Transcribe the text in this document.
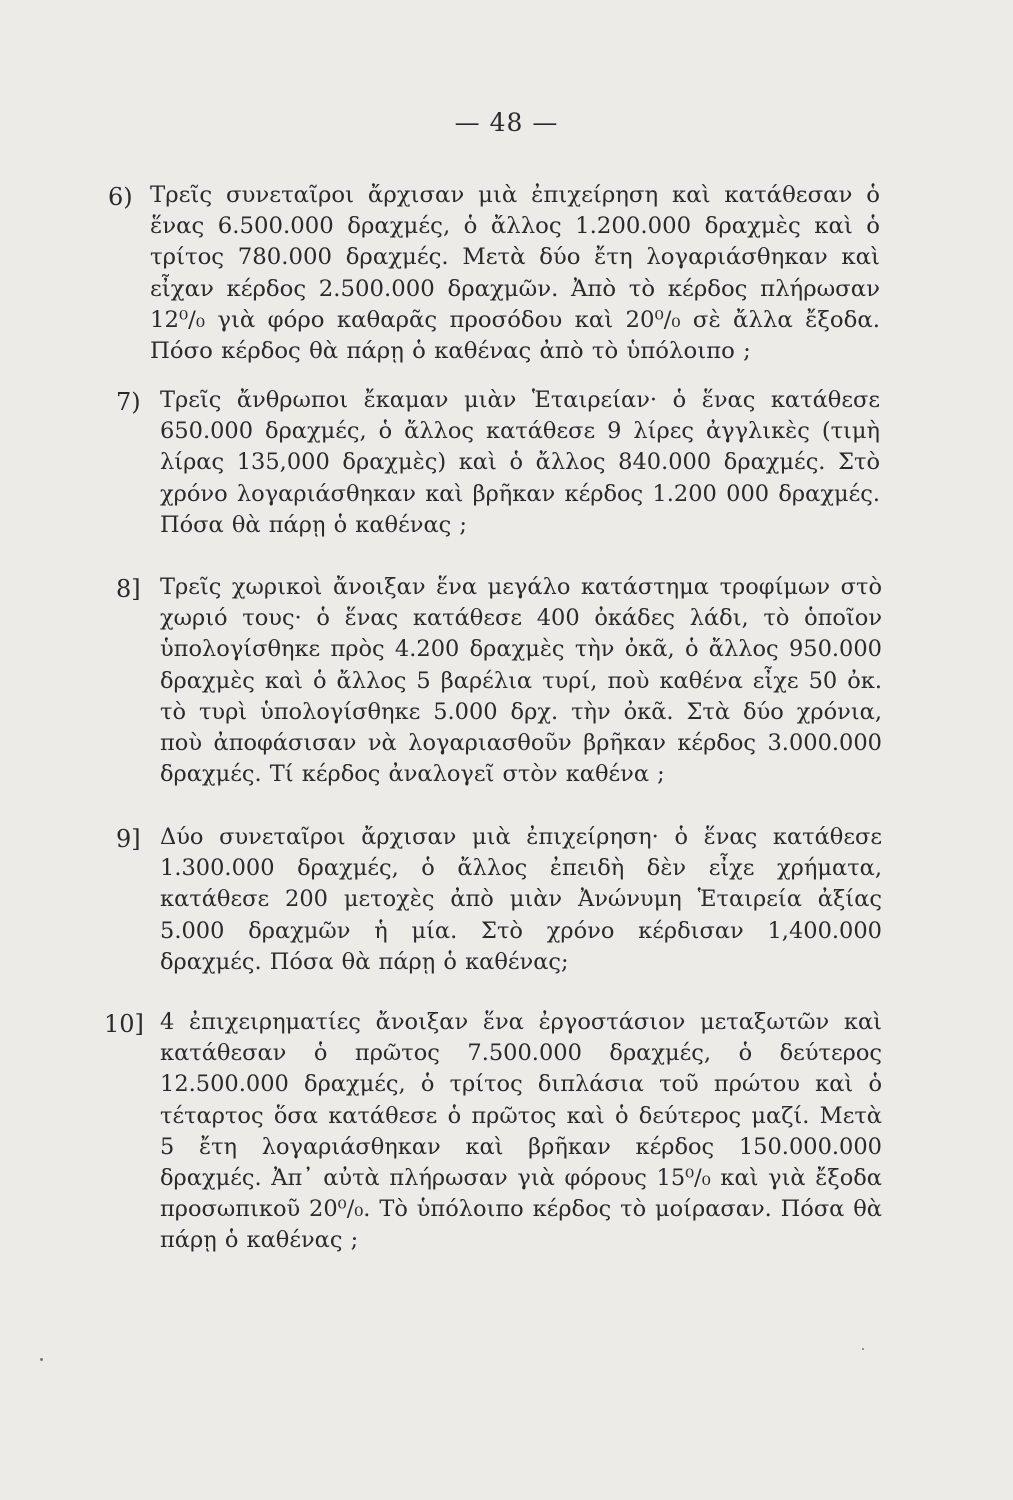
— 48 —
6) Τρεῖς συνεταῖροι ἄρχισαν μιὰ ἐπιχείρηση καὶ κατάθεσαν ὁ ἕνας 6.500.000 δραχμές, ὁ ἄλλος 1.200.000 δραχμὲς καὶ ὁ τρίτος 780.000 δραχμές. Μετὰ δύο ἔτη λογαριάσθηκαν καὶ εἶχαν κέρδος 2.500.000 δραχμῶν. Ἀπὸ τὸ κέρδος πλήρωσαν 12⁰/₀ γιὰ φόρο καθαρᾶς προσόδου καὶ 20⁰/₀ σὲ ἄλλα ἔξοδα. Πόσο κέρδος θὰ πάρῃ ὁ καθένας ἀπὸ τὸ ὑπόλοιπο ;
7) Τρεῖς ἄνθρωποι ἔκαμαν μιὰν Ἑταιρείαν· ὁ ἕνας κατάθεσε 650.000 δραχμές, ὁ ἄλλος κατάθεσε 9 λίρες ἀγγλικὲς (τιμὴ λίρας 135,000 δραχμὲς) καὶ ὁ ἄλλος 840.000 δραχμές. Στὸ χρόνο λογαριάσθηκαν καὶ βρῆκαν κέρδος 1.200 000 δραχμές. Πόσα θὰ πάρῃ ὁ καθένας ;
8] Τρεῖς χωρικοὶ ἄνοιξαν ἕνα μεγάλο κατάστημα τροφίμων στὸ χωριό τους· ὁ ἕνας κατάθεσε 400 ὀκάδες λάδι, τὸ ὁποῖον ὑπολογίσθηκε πρὸς 4.200 δραχμὲς τὴν ὀκᾶ, ὁ ἄλλος 950.000 δραχμὲς καὶ ὁ ἄλλος 5 βαρέλια τυρί, ποὺ καθένα εἶχε 50 ὀκ. τὸ τυρὶ ὑπολογίσθηκε 5.000 δρχ. τὴν ὀκᾶ. Στὰ δύο χρόνια, ποὺ ἀποφάσισαν νὰ λογαριασθοῦν βρῆκαν κέρδος 3.000.000 δραχμές. Τί κέρδος ἀναλογεῖ στὸν καθένα ;
9] Δύο συνεταῖροι ἄρχισαν μιὰ ἐπιχείρηση· ὁ ἕνας κατάθεσε 1.300.000 δραχμές, ὁ ἄλλος ἐπειδὴ δὲν εἶχε χρήματα, κατάθεσε 200 μετοχὲς ἀπὸ μιὰν Ἀνώνυμη Ἑταιρεία ἀξίας 5.000 δραχμῶν ἡ μία. Στὸ χρόνο κέρδισαν 1,400.000 δραχμές. Πόσα θὰ πάρῃ ὁ καθένας;
10] 4 ἐπιχειρηματίες ἄνοιξαν ἕνα ἐργοστάσιον μεταξωτῶν καὶ κατάθεσαν ὁ πρῶτος 7.500.000 δραχμές, ὁ δεύτερος 12.500.000 δραχμές, ὁ τρίτος διπλάσια τοῦ πρώτου καὶ ὁ τέταρτος ὅσα κατάθεσε ὁ πρῶτος καὶ ὁ δεύτερος μαζί. Μετὰ 5 ἔτη λογαριάσθηκαν καὶ βρῆκαν κέρδος 150.000.000 δραχμές. Ἀπ᾽ αὐτὰ πλήρωσαν γιὰ φόρους 15⁰/₀ καὶ γιὰ ἔξοδα προσωπικοῦ 20⁰/₀. Τὸ ὑπόλοιπο κέρδος τὸ μοίρασαν. Πόσα θὰ πάρῃ ὁ καθένας ;
